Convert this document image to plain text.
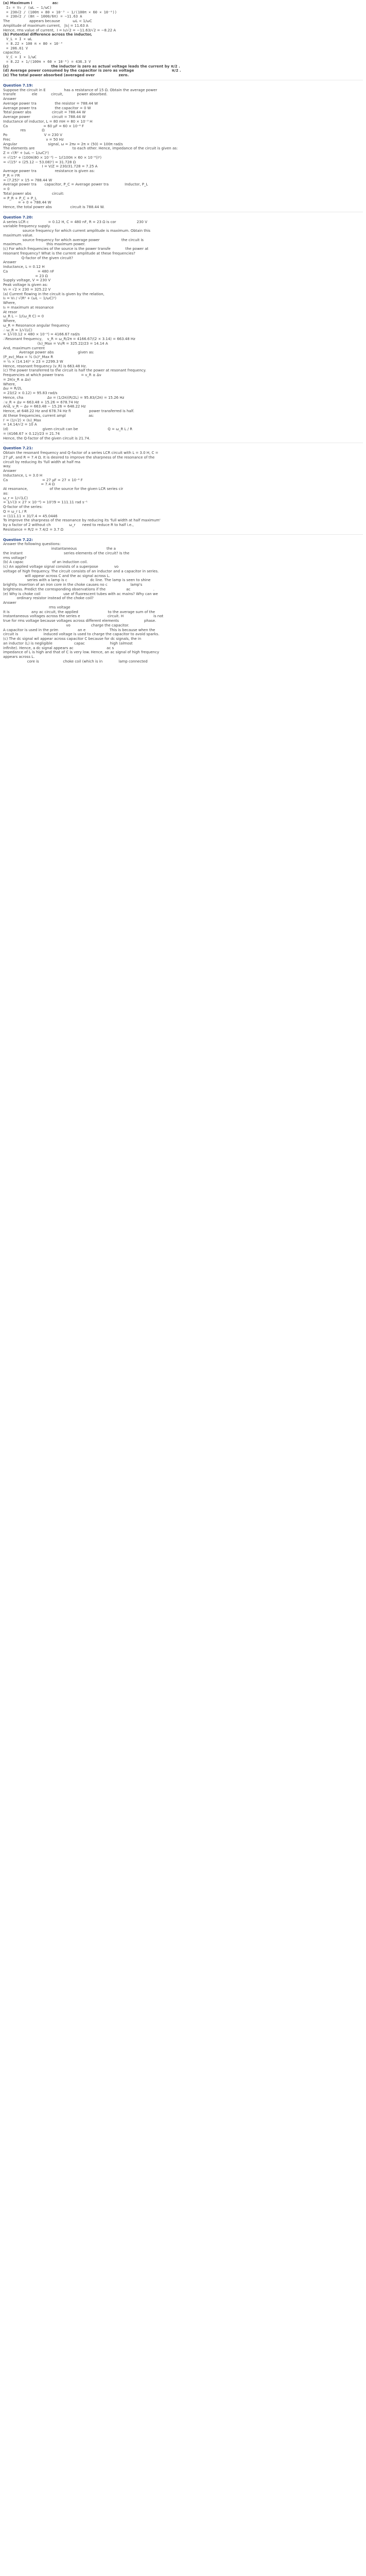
(a) Maximum i                as:
I₀ = V₀ / (ωL − 1/ωC)
= 230√2 / (100π × 80 × 10⁻³ − 1/(100π × 60 × 10⁻⁶))
= 230√2 / (8π − 1000/6π) = −11.63 A
The                 appears because           ωL < 1/ωC
Amplitude of maximum current,   |I₀| = 11.63 A
Hence, rms value of current,  I = I₀/√2 = −11.63/√2 = −8.22 A
(b) Potential difference across the inductor,
V_L = I × ωL
= 8.22 × 100 π × 80 × 10⁻³
= 206.61 V
capacitor,
V_C = I × 1/ωC
= 8.22 × 1/(100π × 60 × 10⁻⁶) = 436.3 V
(c)                                  the inductor is zero as actual voltage leads the current by π/2 .
(d) Average power consumed by the capacitor is zero as voltage                              π/2 .
(e) The total power absorbed (averaged over                   zero.
Question 7.19:
Suppose the circuit in E                has a resistance of 15 Ω. Obtain the average power
transfe              ele            circuit,            power absorbed.
Answer
Average power tra                the resistor = 788.44 W
Average power tra                the capacitor = 0 W
Total power abs                  circuit = 788.44 W
Average power                   circuit = 788.44 W
Inductance of inductor, L = 80 mH = 80 × 10⁻³ H
Ca                               = 60 μF = 60 × 10⁻⁶ F
res              Ω
Po                                V = 230 V
Frec                               ν = 50 Hz
Angular                           signal, ω = 2πν = 2π × (50) = 100π rad/s
The elements are                                 to each other. Hence, impedance of the circuit is given as:
Z = √(R² + (ωL − 1/ωC)²)
= √(15² + (100π(80 × 10⁻³) − 1/(100π × 60 × 10⁻⁶))²)
= √(15² + (25.12 − 53.08)²) = 31.728 Ω
I = V/Z = 230/31.728 = 7.25 A
Average power tra                resistance is given as:
P_R = I²R
= (7.25)² × 15 = 788.44 W
Average power tra       capacitor, P_C = Average power tra              Inductor, P_L
= 0
Total power abs                  circuit:
= P_R + P_C + P_L
= + 0 + 788.44 W
Hence, the total power abs                circuit is 788.44 W.
Question 7.20:
A series LCR c                 = 0.12 H, C = 480 nF, R = 23 Ω is cor                  230 V
variable frequency supply.
source frequency for which current amplitude is maximum. Obtain this
maximum value.
source frequency for which average power                   the circuit is
maximum.                     this maximum power.
(c) For which frequencies of the source is the power transfe             the power at
resonant frequency? What is the current amplitude at these frequencies?
Q-factor of the given circuit?
Answer
Inductance, L = 0.12 H
Ca                          = 480 nF
= 23 Ω
Supply voltage, V = 230 V
Peak voltage is given as:
V₀ = √2 × 230 = 325.22 V
(a) Current flowing in the circuit is given by the relation,
I₀ = V₀ / √(R² + (ωL − 1/ωC)²)
Where,
I₀ = maximum at resonance
At resor
ω_R L − 1/(ω_R C) = 0
Where,
ω_R = Resonance angular frequency
∴ ω_R = 1/√(LC)
= 1/√(0.12 × 480 × 10⁻⁹) = 4166.67 rad/s
∴Resonant frequency,    ν_R = ω_R/2π = 4166.67/(2 × 3.14) = 663.48 Hz
(I₀)_Max = V₀/R = 325.22/23 = 14.14 A
And, maximum current
Average power abs                     given as:
(P_av)_Max = ½ (I₀)²_Max R
= ½ × (14.14)² × 23 = 2299.3 W
Hence, resonant frequency (ν_R) is 663.48 Hz.
(c) The power transferred to the circuit is half the power at resonant frequency.
Frequencies at which power trans               = ν_R ± Δν
= 2π(ν_R ± Δν)
Where,
Δω = R/2L
= 23/(2 × 0.12) = 95.83 rad/s
Hence, cha                     Δν = (1/2π)(R/2L) = 95.83/(2π) = 15.26 Hz
∴ν_R + Δν = 663.48 + 15.26 = 678.74 Hz
And, ν_R − Δν = 663.48 − 15.26 = 648.22 Hz
Hence, at 648.22 Hz and 678.74 Hz fi                power transferred is half.
At these frequencies, current ampl                    as:
I′ = (1/√2) × (I₀)_Max
= 14.14/√2 = 10 A
(d)                              given circuit can be                          Q = ω_R L / R
= (4166.67 × 0.12)/23 = 21.74
Hence, the Q-factor of the given circuit is 21.74.
Question 7.21:
Obtain the resonant frequency and Q-factor of a series LCR circuit with L = 3.0 H, C =
27 μF, and R = 7.4 Ω. It is desired to improve the sharpness of the resonance of the
circuit by reducing its 'full width at half ma
way.
Answer
Inductance, L = 3.0 H
Ca                              = 27 μF = 27 × 10⁻⁶ F
= 7.4 Ω
At resonance,                   of the source for the given LCR series cir
as:
ω_r = 1/√(LC)
= 1/√(3 × 27 × 10⁻⁶) = 10³/9 = 111.11 rad s⁻¹
Q-factor of the series:
Q = ω_r L / R
= (111.11 × 3)/7.4 = 45.0446
To improve the sharpness of the resonance by reducing its 'full width at half maximum'
by a factor of 2 without ch                ω_r      need to reduce R to half i.e.,
Resistance = R/2 = 7.4/2 = 3.7 Ω
Question 7.22:
Answer the following questions:
instantaneous                          the a
the instant                                    series elements of the circuit? Is the
rms voltage?
(b) A capac                         of an induction coil.
(c) An applied voltage signal consists of a superpose              vo
voltage of high frequency. The circuit consists of an inductor and a capacitor in series.
will appear across C and the ac signal across L.
series with a lamp is c                    dc line. The lamp is seen to shine
brightly. Insertion of an iron core in the choke causes no c                    lamp's
brightness. Predict the corresponding observations if the                  ac                    .
(e) Why is choke coil                    use of fluorescent tubes with ac mains? Why can we
ordinary resistor instead of the choke coil?
Answer
rms voltage
It is                   any ac circuit, the applied                          to the average sum of the
instantaneous voltages across the series e                        circuit. H                          is not
true for rms voltage because voltages across different elements                      phase.
vo                  charge the capacitor.
A capacitor is used in the prim                 an e                     This is because when the
circuit is                      induced voltage is used to charge the capacitor to avoid sparks.
(c) The dc signal wil appear across capacitor C because for dc signals, the in
an inductor (L) is negligible                   capac                      high (almost
infinite). Hence, a dc signal appears ac                             ac s
impedance of L is high and that of C is very low. Hence, an ac signal of high frequency
appears across L.
core is                     choke coil (which is in              lamp connected
